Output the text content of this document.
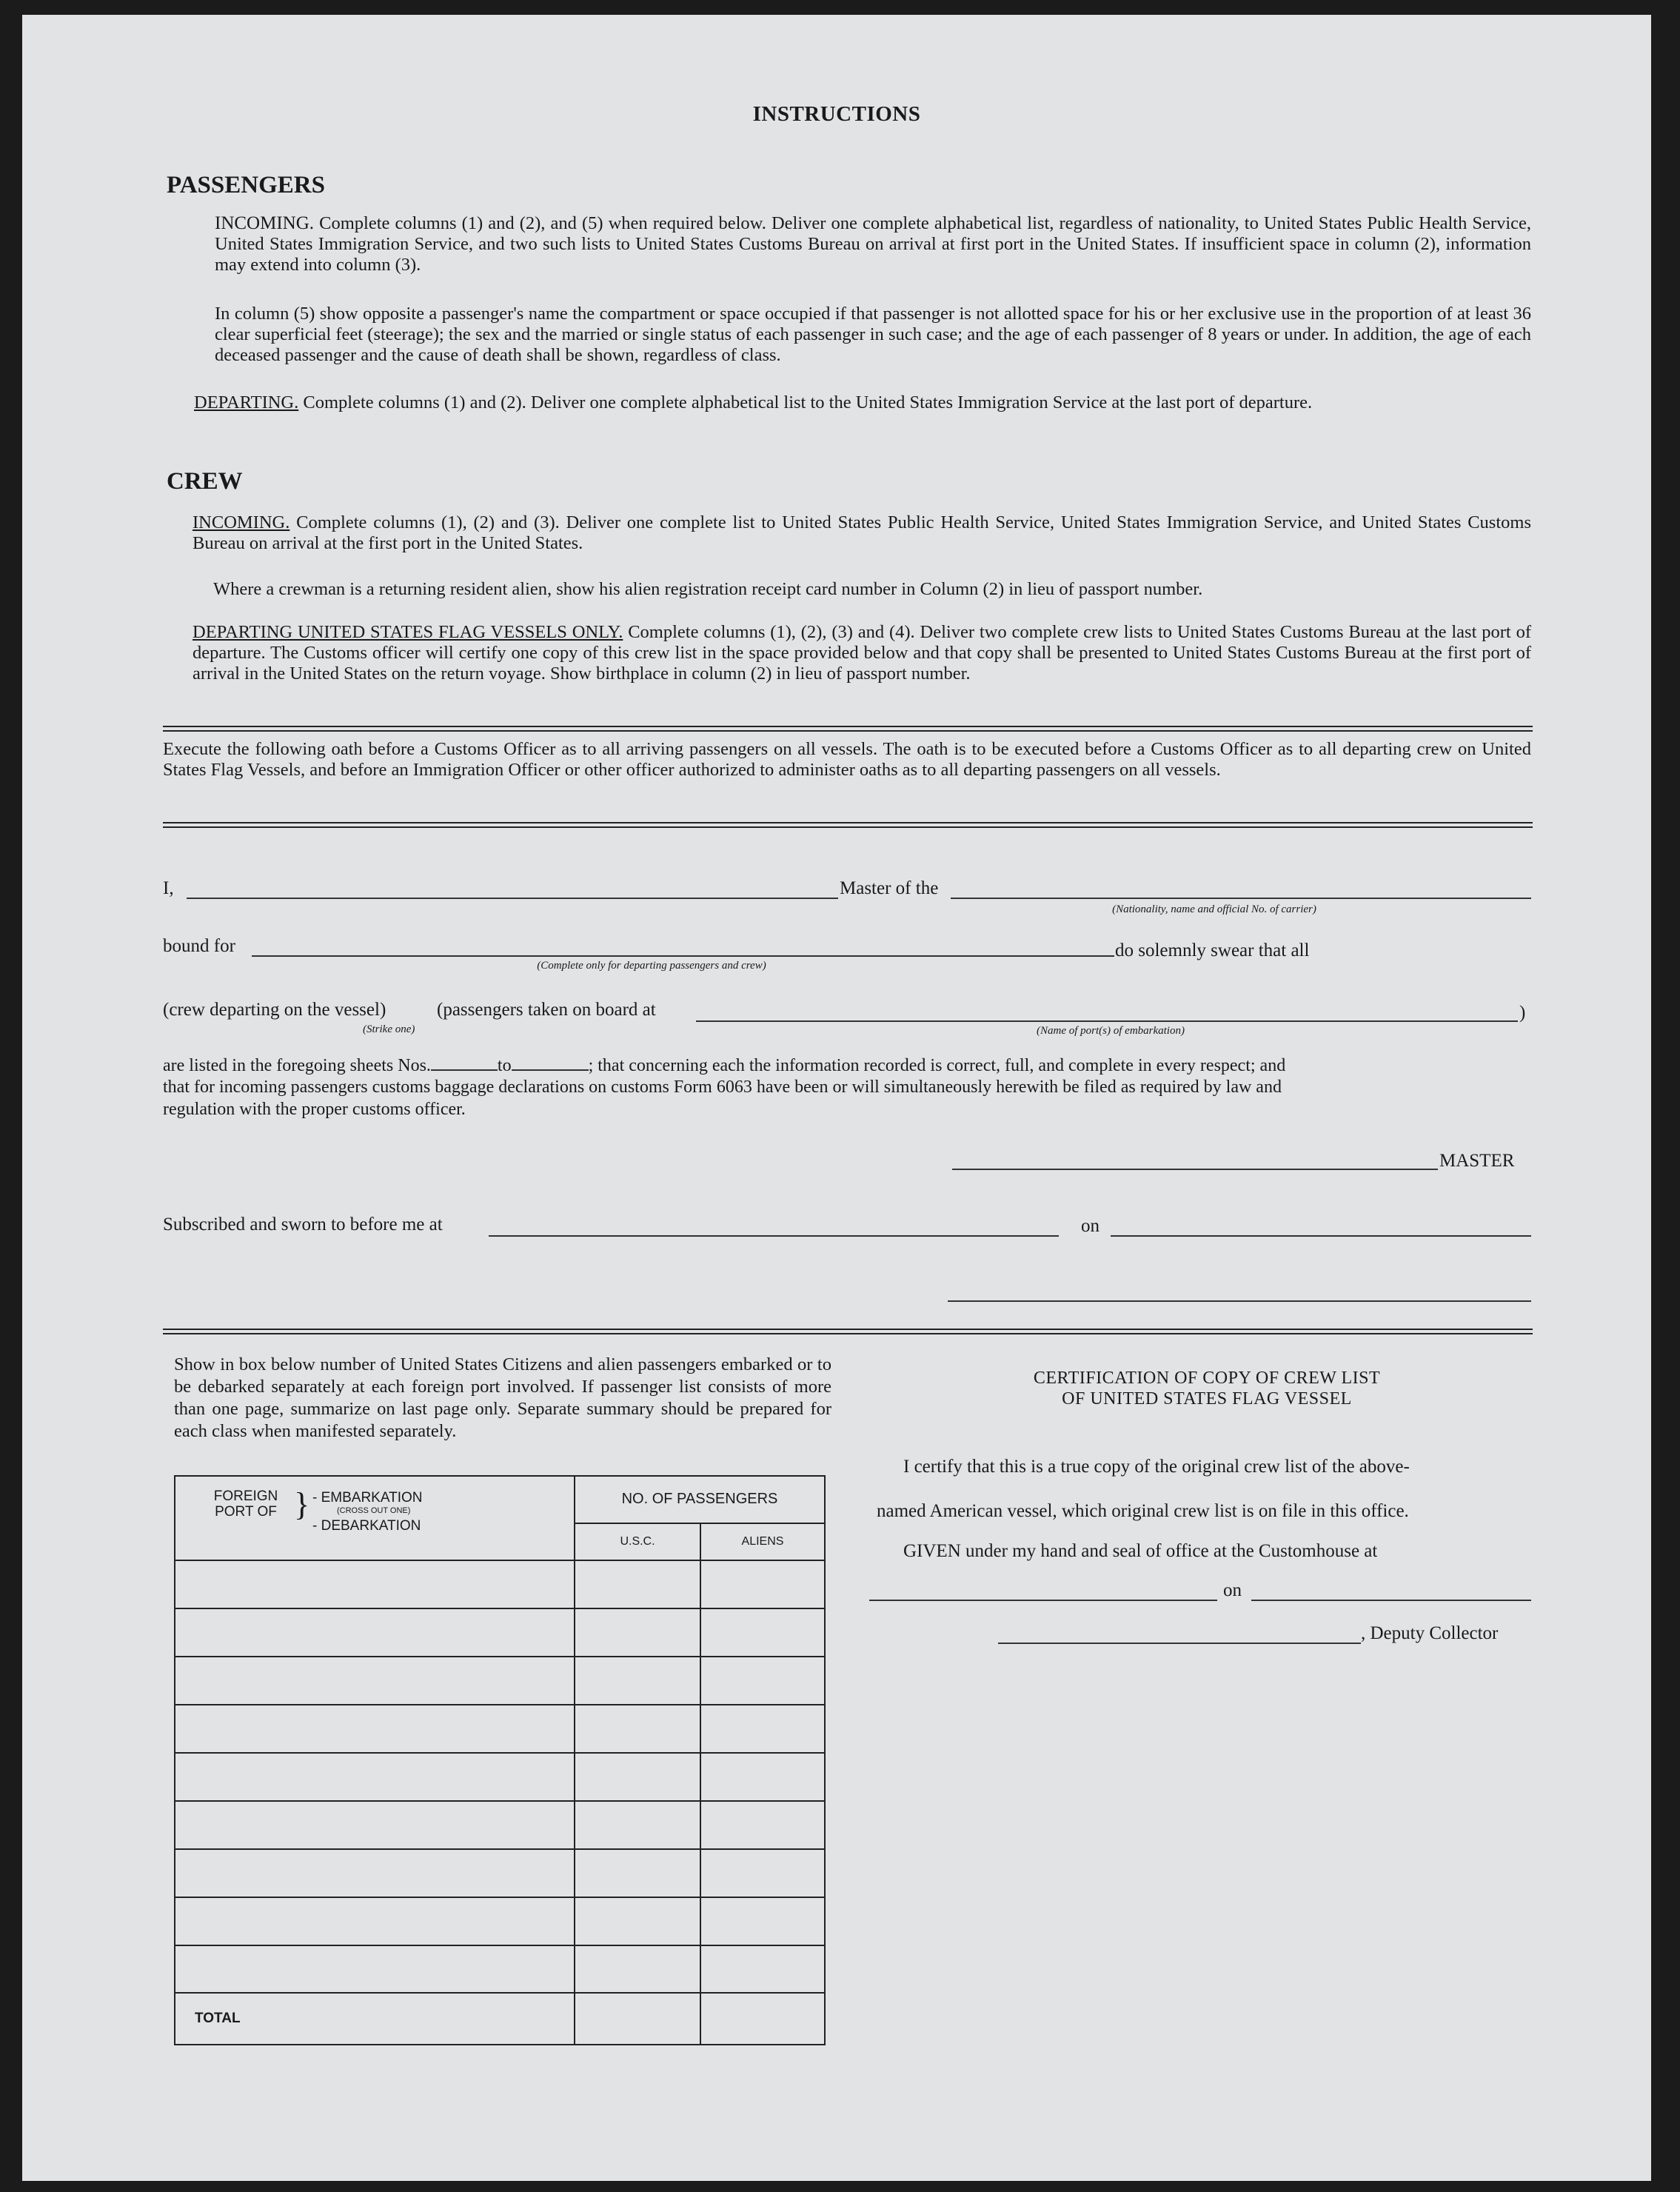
INSTRUCTIONS
PASSENGERS
INCOMING. Complete columns (1) and (2), and (5) when required below. Deliver one complete alphabetical list, regardless of nationality, to United States Public Health Service, United States Immigration Service, and two such lists to United States Customs Bureau on arrival at first port in the United States. If insufficient space in column (2), information may extend into column (3).
In column (5) show opposite a passenger's name the compartment or space occupied if that passenger is not allotted space for his or her exclusive use in the proportion of at least 36 clear superficial feet (steerage); the sex and the married or single status of each passenger in such case; and the age of each passenger of 8 years or under. In addition, the age of each deceased passenger and the cause of death shall be shown, regardless of class.
DEPARTING. Complete columns (1) and (2). Deliver one complete alphabetical list to the United States Immigration Service at the last port of departure.
CREW
INCOMING. Complete columns (1), (2) and (3). Deliver one complete list to United States Public Health Service, United States Immigration Service, and United States Customs Bureau on arrival at the first port in the United States.
Where a crewman is a returning resident alien, show his alien registration receipt card number in Column (2) in lieu of passport number.
DEPARTING UNITED STATES FLAG VESSELS ONLY. Complete columns (1), (2), (3) and (4). Deliver two complete crew lists to United States Customs Bureau at the last port of departure. The Customs officer will certify one copy of this crew list in the space provided below and that copy shall be presented to United States Customs Bureau at the first port of arrival in the United States on the return voyage. Show birthplace in column (2) in lieu of passport number.
Execute the following oath before a Customs Officer as to all arriving passengers on all vessels. The oath is to be executed before a Customs Officer as to all departing crew on United States Flag Vessels, and before an Immigration Officer or other officer authorized to administer oaths as to all departing passengers on all vessels.
I,	Master of the
(Nationality, name and official No. of carrier)
bound for
(Complete only for departing passengers and crew)
do solemnly swear that all
(crew departing on the vessel)	(passengers taken on board at
(Strike one)	(Name of port(s) of embarkation)
)
are listed in the foregoing sheets Nos.	to	; that concerning each the information recorded is correct, full, and complete in every respect; and
that for incoming passengers customs baggage declarations on customs Form 6063 have been or will simultaneously herewith be filed as required by law and
regulation with the proper customs officer.
MASTER
Subscribed and sworn to before me at	on
Show in box below number of United States Citizens and alien passengers embarked or to be debarked separately at each foreign port involved. If passenger list consists of more than one page, summarize on last page only. Separate summary should be prepared for each class when manifested separately.
FOREIGN PORT OF } - EMBARKATION
(CROSS OUT ONE)
- DEBARKATION	NO. OF PASSENGERS	
	U.S.C.	ALIENS

TOTAL		
CERTIFICATION OF COPY OF CREW LIST
OF UNITED STATES FLAG VESSEL
I certify that this is a true copy of the original crew list of the above-
named American vessel, which original crew list is on file in this office.
GIVEN under my hand and seal of office at the Customhouse at
on
, Deputy Collector
